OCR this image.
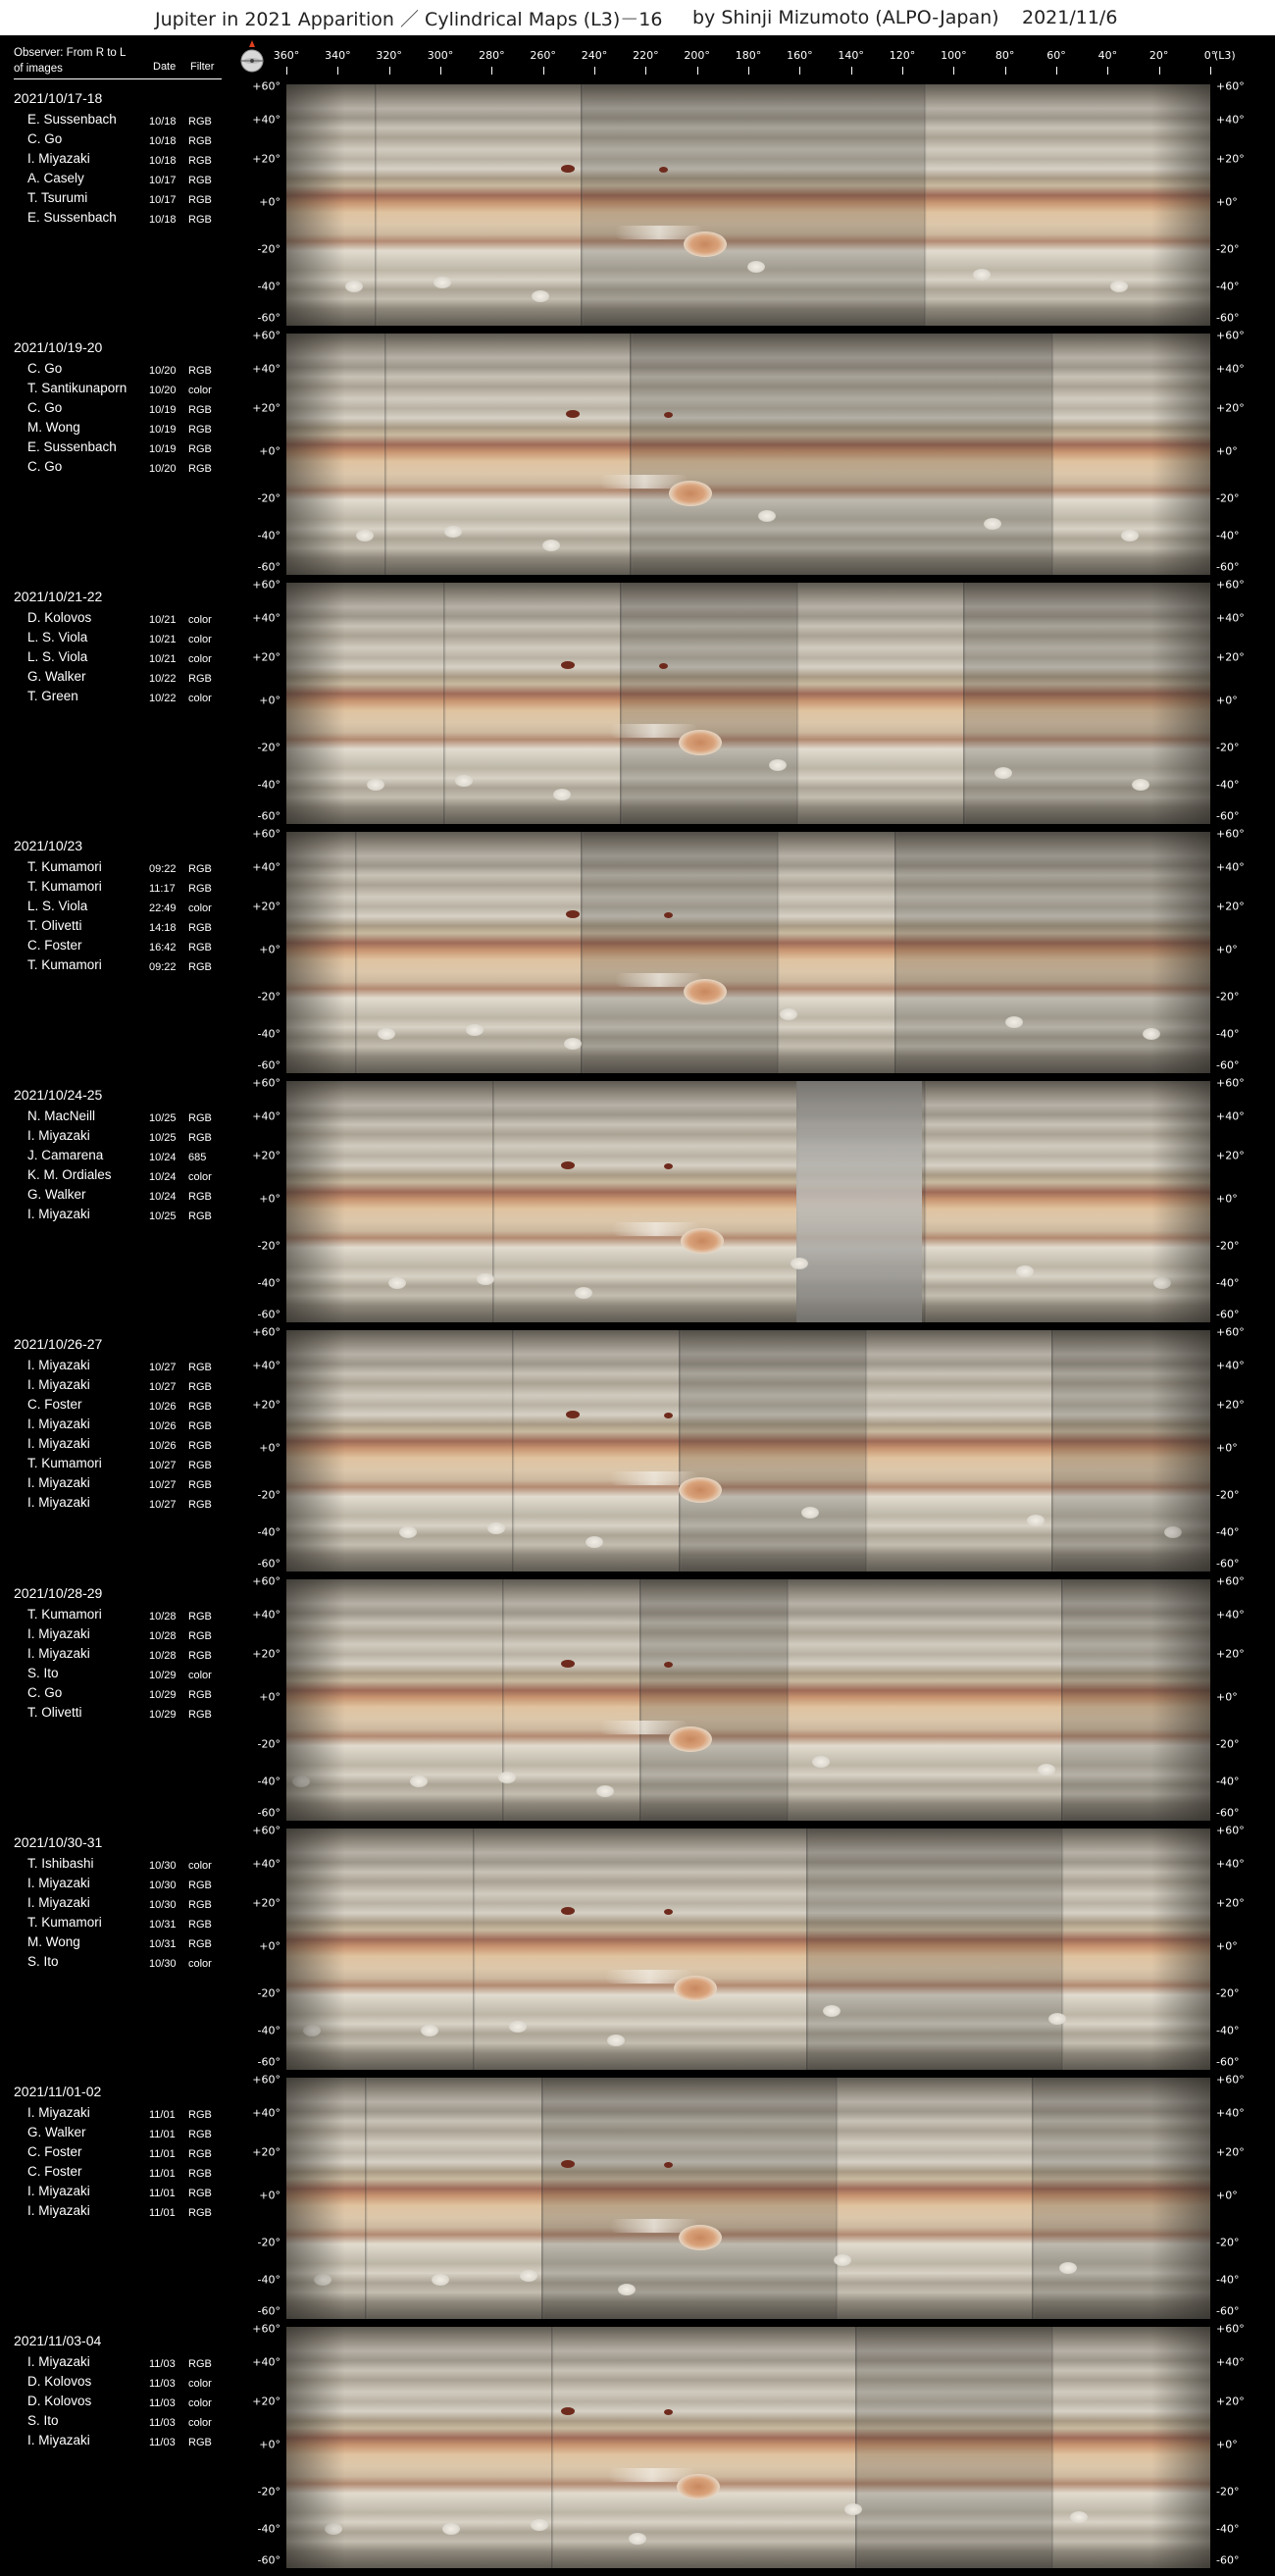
Jupiter in 2021 Apparition ／ Cylindrical Maps (L3)－16 by Shinji Mizumoto (ALPO-Japan) 2021/11/6
Observer: From R to L
of images	Date Filter
360° 340° 320° 300° 280° 260° 240° 220° 200° 180° 160° 140° 120° 100°	80°	60°	40°	20°	0°
(L3)
2021/10/17-18
E. Sussenbach	10/18 RGB
C. Go	10/18 RGB
I. Miyazaki	10/18 RGB
A. Casely	10/17 RGB
T. Tsurumi	10/17 RGB
E. Sussenbach	10/18 RGB
+60°
+40°
+20°
+0°
-20°
-40°
-60°
+60°
+40°
+20°
+0°
-20°
-40°
-60°
2021/10/19-20
C. Go	10/20 RGB
T. Santikunaporn 10/20 color
C. Go	10/19 RGB
M. Wong	10/19 RGB
E. Sussenbach	10/19 RGB
C. Go	10/20 RGB
+60°
+40°
+20°
+0°
-20°
-40°
-60°
+60°
+40°
+20°
+0°
-20°
-40°
-60°
2021/10/21-22
D. Kolovos	10/21 color
L. S. Viola	10/21 color
L. S. Viola	10/21 color
G. Walker	10/22 RGB
T. Green	10/22 color
+60°
+40°
+20°
+0°
-20°
-40°
-60°
+60°
+40°
+20°
+0°
-20°
-40°
-60°
2021/10/23
T. Kumamori	09:22 RGB
T. Kumamori	11:17 RGB
L. S. Viola	22:49 color
T. Olivetti	14:18 RGB
C. Foster	16:42 RGB
T. Kumamori	09:22 RGB
+60°
+40°
+20°
+0°
-20°
-40°
-60°
+60°
+40°
+20°
+0°
-20°
-40°
-60°
2021/10/24-25
N. MacNeill	10/25 RGB
I. Miyazaki	10/25 RGB
J. Camarena	10/24 685
K. M. Ordiales	10/24 color
G. Walker	10/24 RGB
I. Miyazaki	10/25 RGB
+60°
+40°
+20°
+0°
-20°
-40°
-60°
+60°
+40°
+20°
+0°
-20°
-40°
-60°
2021/10/26-27
I. Miyazaki	10/27 RGB
I. Miyazaki	10/27 RGB
C. Foster	10/26 RGB
I. Miyazaki	10/26 RGB
I. Miyazaki	10/26 RGB
T. Kumamori	10/27 RGB
I. Miyazaki	10/27 RGB
I. Miyazaki	10/27 RGB
+60°
+40°
+20°
+0°
-20°
-40°
-60°
+60°
+40°
+20°
+0°
-20°
-40°
-60°
2021/10/28-29
T. Kumamori	10/28 RGB
I. Miyazaki	10/28 RGB
I. Miyazaki	10/28 RGB
S. Ito	10/29 color
C. Go	10/29 RGB
T. Olivetti	10/29 RGB
+60°
+40°
+20°
+0°
-20°
-40°
-60°
+60°
+40°
+20°
+0°
-20°
-40°
-60°
2021/10/30-31
T. Ishibashi	10/30 color
I. Miyazaki	10/30 RGB
I. Miyazaki	10/30 RGB
T. Kumamori	10/31 RGB
M. Wong	10/31 RGB
S. Ito	10/30 color
+60°
+40°
+20°
+0°
-20°
-40°
-60°
+60°
+40°
+20°
+0°
-20°
-40°
-60°
2021/11/01-02
I. Miyazaki	11/01 RGB
G. Walker	11/01 RGB
C. Foster	11/01 RGB
C. Foster	11/01 RGB
I. Miyazaki	11/01 RGB
I. Miyazaki	11/01 RGB
+60°
+40°
+20°
+0°
-20°
-40°
-60°
+60°
+40°
+20°
+0°
-20°
-40°
-60°
2021/11/03-04
I. Miyazaki	11/03 RGB
D. Kolovos	11/03 color
D. Kolovos	11/03 color
S. Ito	11/03 color
I. Miyazaki	11/03 RGB
+60°
+40°
+20°
+0°
-20°
-40°
-60°
+60°
+40°
+20°
+0°
-20°
-40°
-60°
